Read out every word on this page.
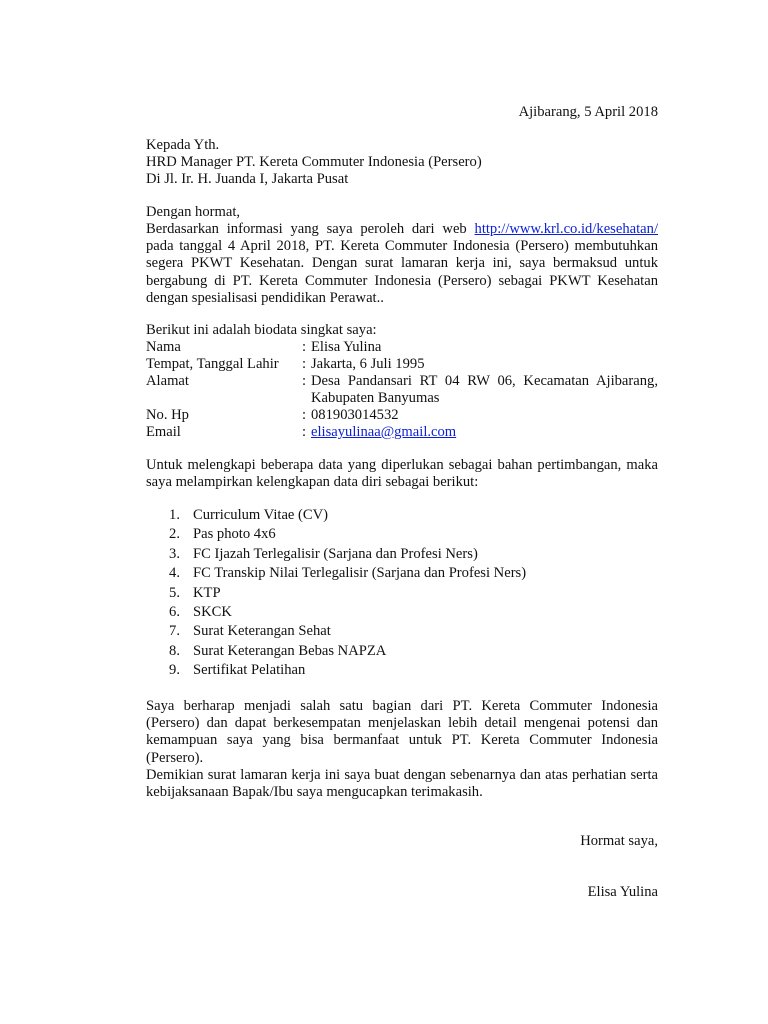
Ajibarang, 5 April 2018
Kepada Yth.
HRD Manager PT. Kereta Commuter Indonesia (Persero)
Di Jl. Ir. H. Juanda I, Jakarta Pusat
Dengan hormat,
Berdasarkan informasi yang saya peroleh dari web http://www.krl.co.id/kesehatan/ pada tanggal 4 April 2018, PT. Kereta Commuter Indonesia (Persero) membutuhkan segera PKWT Kesehatan. Dengan surat lamaran kerja ini, saya bermaksud untuk bergabung di PT. Kereta Commuter Indonesia (Persero) sebagai PKWT Kesehatan dengan spesialisasi pendidikan Perawat..
Berikut ini adalah biodata singkat saya:
Nama	: Elisa Yulina
Tempat, Tanggal Lahir	: Jakarta, 6 Juli 1995
Alamat	: Desa Pandansari RT 04 RW 06, Kecamatan Ajibarang, Kabupaten Banyumas
No. Hp	: 081903014532
Email	: elisayulinaa@gmail.com
Untuk melengkapi beberapa data yang diperlukan sebagai bahan pertimbangan, maka saya melampirkan kelengkapan data diri sebagai berikut:
1. Curriculum Vitae (CV)
2. Pas photo 4x6
3. FC Ijazah Terlegalisir (Sarjana dan Profesi Ners)
4. FC Transkip Nilai Terlegalisir (Sarjana dan Profesi Ners)
5. KTP
6. SKCK
7. Surat Keterangan Sehat
8. Surat Keterangan Bebas NAPZA
9. Sertifikat Pelatihan
Saya berharap menjadi salah satu bagian dari PT. Kereta Commuter Indonesia (Persero) dan dapat berkesempatan menjelaskan lebih detail mengenai potensi dan kemampuan saya yang bisa bermanfaat untuk PT. Kereta Commuter Indonesia (Persero).
Demikian surat lamaran kerja ini saya buat dengan sebenarnya dan atas perhatian serta kebijaksanaan Bapak/Ibu saya mengucapkan terimakasih.
Hormat saya,
Elisa Yulina
